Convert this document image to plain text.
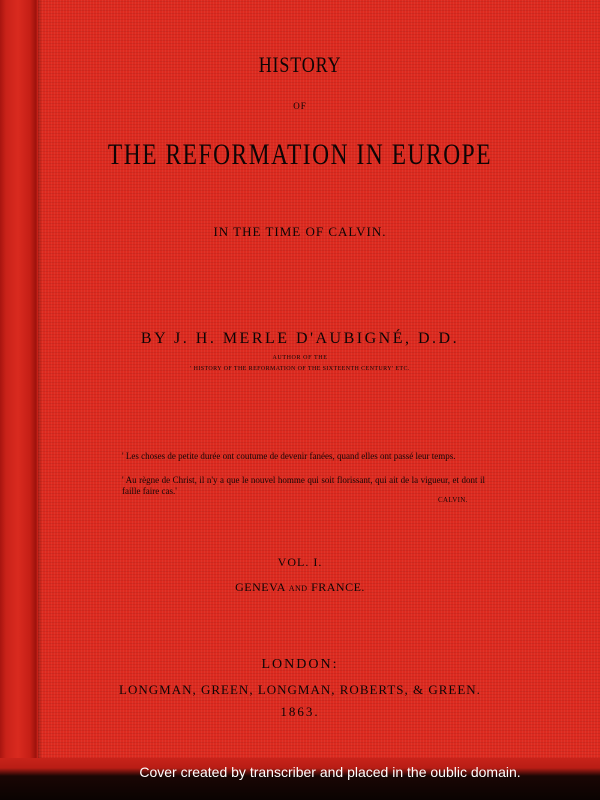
HISTORY
OF
THE REFORMATION IN EUROPE
IN THE TIME OF CALVIN.
BY J. H. MERLE D'AUBIGNÉ, D.D.
AUTHOR OF THE
' HISTORY OF THE REFORMATION OF THE SIXTEENTH CENTURY' ETC.
' Les choses de petite durée ont coutume de devenir fanées, quand elles ont passé leur temps.
' Au règne de Christ, il n'y a que le nouvel homme qui soit florissant, qui ait de la vigueur, et dont il faille faire cas.'
CALVIN.
VOL. I.
GENEVA AND FRANCE.
LONDON:
LONGMAN, GREEN, LONGMAN, ROBERTS, & GREEN.
1863.
Cover created by transcriber and placed in the oublic domain.
